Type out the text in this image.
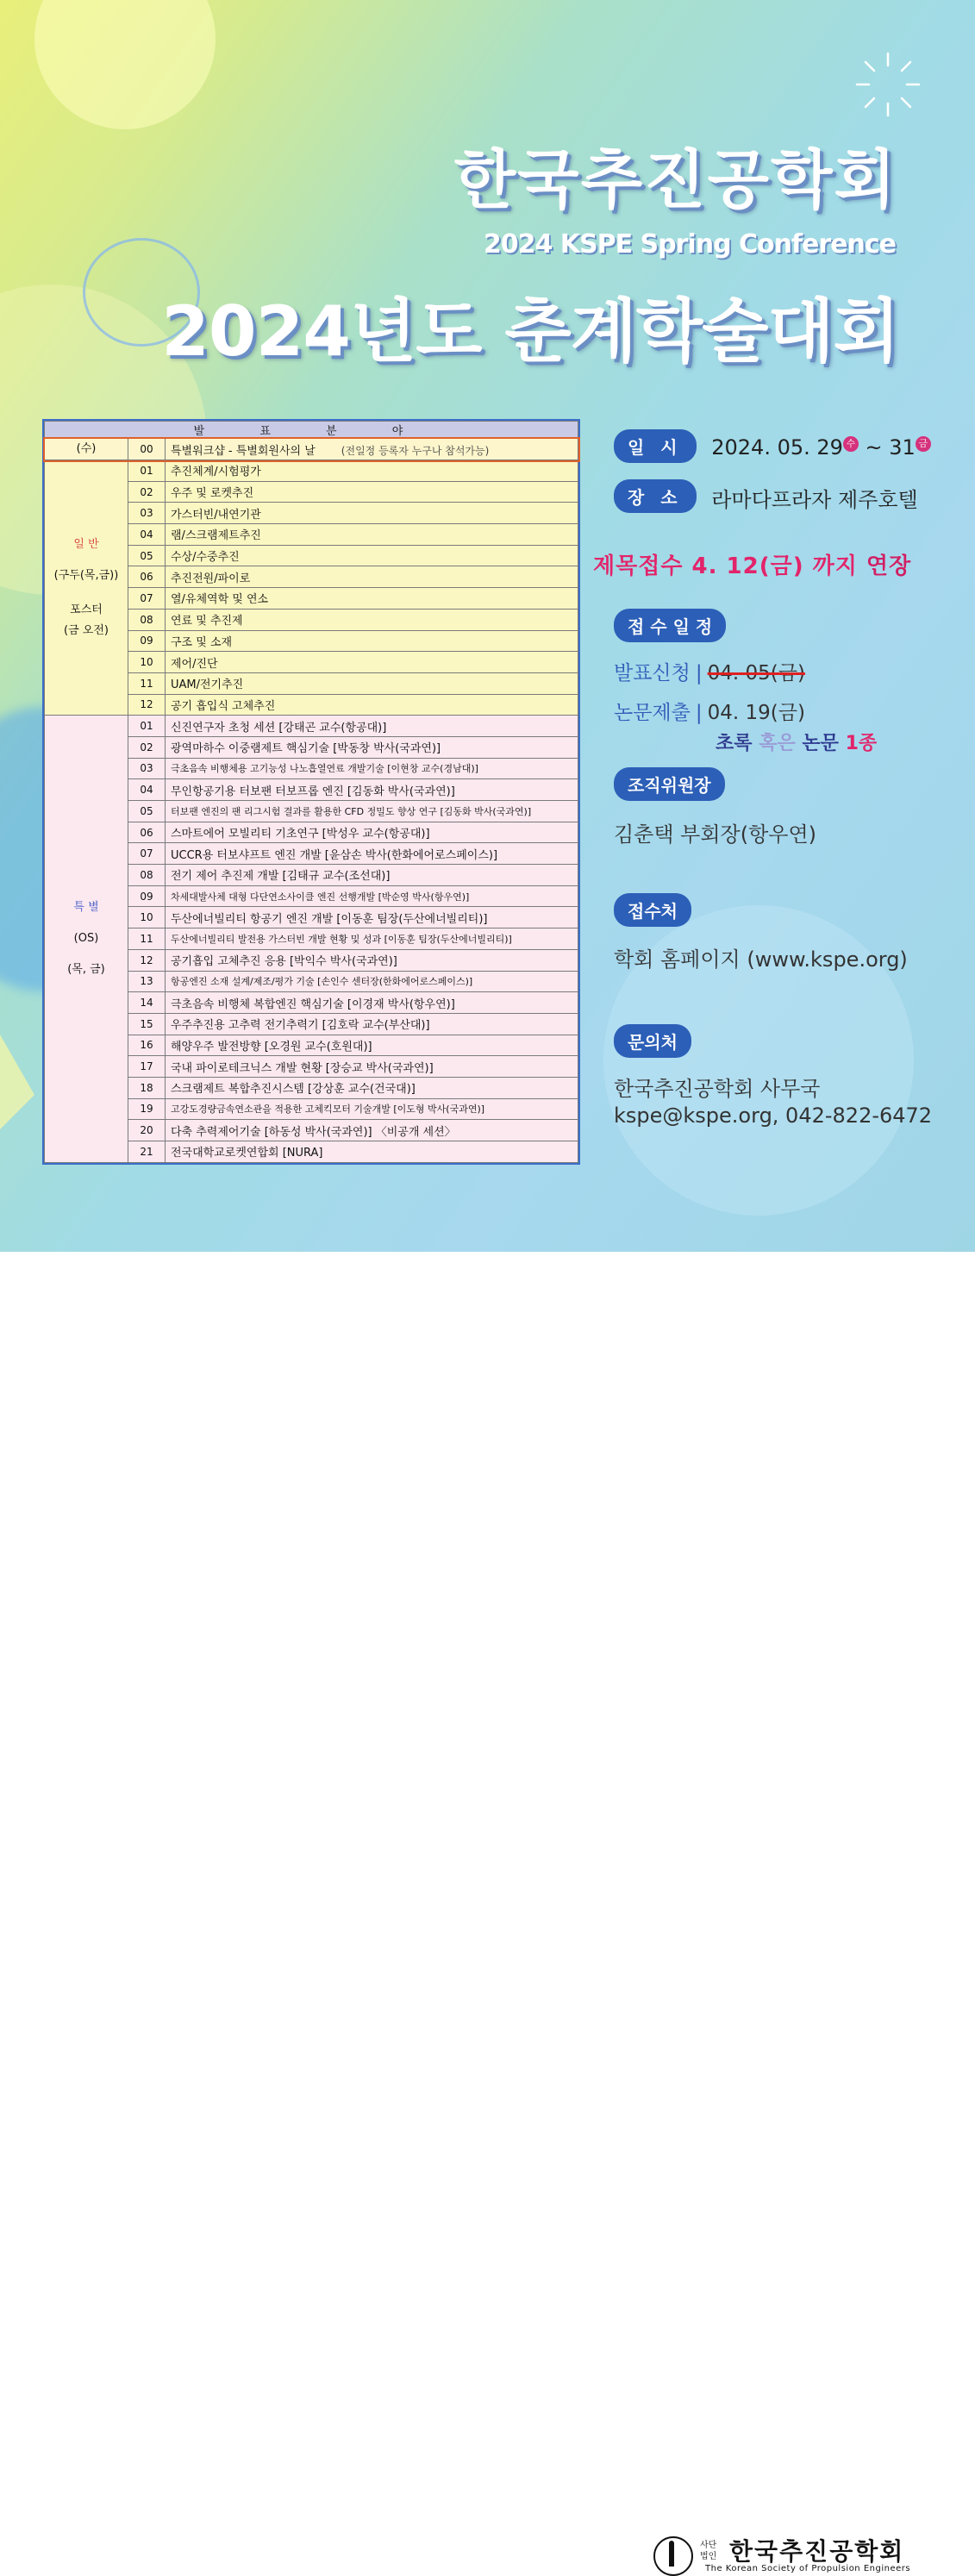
한국추진공학회
2024 KSPE Spring Conference
2024년도 춘계학술대회
발 표 분 야		
(수)	00	특별워크샵 - 특별회원사의 날 (전일정 등록자 누구나 참석가능)

일 반
(구두(목,금))
포스터
(금 오전)	01	추진체계/시험평가
	02	우주 및 로켓추진
	03	가스터빈/내연기관
	04	램/스크램제트추진
	05	수상/수중추진
	06	추진전원/파이로
	07	열/유체역학 및 연소
	08	연료 및 추진제
	09	구조 및 소재
	10	제어/진단
	11	UAM/전기추진
	12	공기 흡입식 고체추진

특 별
(OS)
(목, 금)	01	신진연구자 초청 세션 [강태곤 교수(항공대)]
	02	광역마하수 이중램제트 핵심기술 [박동창 박사(국과연)]
	03	극초음속 비행체용 고기능성 나노흡열연료 개발기술 [이현창 교수(경남대)]
	04	무인항공기용 터보팬 터보프롭 엔진 [김동화 박사(국과연)]
	05	터보팬 엔진의 팬 리그시험 결과를 활용한 CFD 정밀도 향상 연구 [김동화 박사(국과연)]
	06	스마트에어 모빌리티 기초연구 [박성우 교수(항공대)]
	07	UCCR용 터보샤프트 엔진 개발 [윤삼손 박사(한화에어로스페이스)]
	08	전기 제어 추진제 개발 [김태규 교수(조선대)]
	09	차세대발사체 대형 다단연소사이클 엔진 선행개발 [박순영 박사(항우연)]
	10	두산에너빌리티 항공기 엔진 개발 [이동훈 팀장(두산에너빌리티)]
	11	두산에너빌리티 발전용 가스터빈 개발 현황 및 성과 [이동훈 팀장(두산에너빌리티)]
	12	공기흡입 고체추진 응용 [박익수 박사(국과연)]
	13	항공엔진 소재 설계/제조/평가 기술 [손인수 센터장(한화에어로스페이스)]
	14	극초음속 비행체 복합엔진 핵심기술 [이경재 박사(항우연)]
	15	우주추진용 고추력 전기추력기 [김호락 교수(부산대)]
	16	해양우주 발전방향 [오경원 교수(호원대)]
	17	국내 파이로테크닉스 개발 현황 [장승교 박사(국과연)]
	18	스크램제트 복합추진시스템 [강상훈 교수(건국대)]
	19	고강도경량금속연소관을 적용한 고체킥모터 기술개발 [이도형 박사(국과연)]
	20	다축 추력제어기술 [하동성 박사(국과연)] 〈비공개 세션〉
	21	전국대학교로켓연합회 [NURA]
일 시 2024. 05. 29 수 ~ 31 금
장 소 라마다프라자 제주호텔
제목접수 4. 12(금) 까지 연장
접 수 일 정
발표신청 | 04. 05(금)
논문제출 | 04. 19(금)
초록 혹은 논문 1종
조직위원장
김춘택 부회장(항우연)
접수처
학회 홈페이지 (www.kspe.org)
문의처
한국추진공학회 사무국
kspe@kspe.org, 042-822-6472
사단
법인 한국추진공학회
The Korean Society of Propulsion Engineers
